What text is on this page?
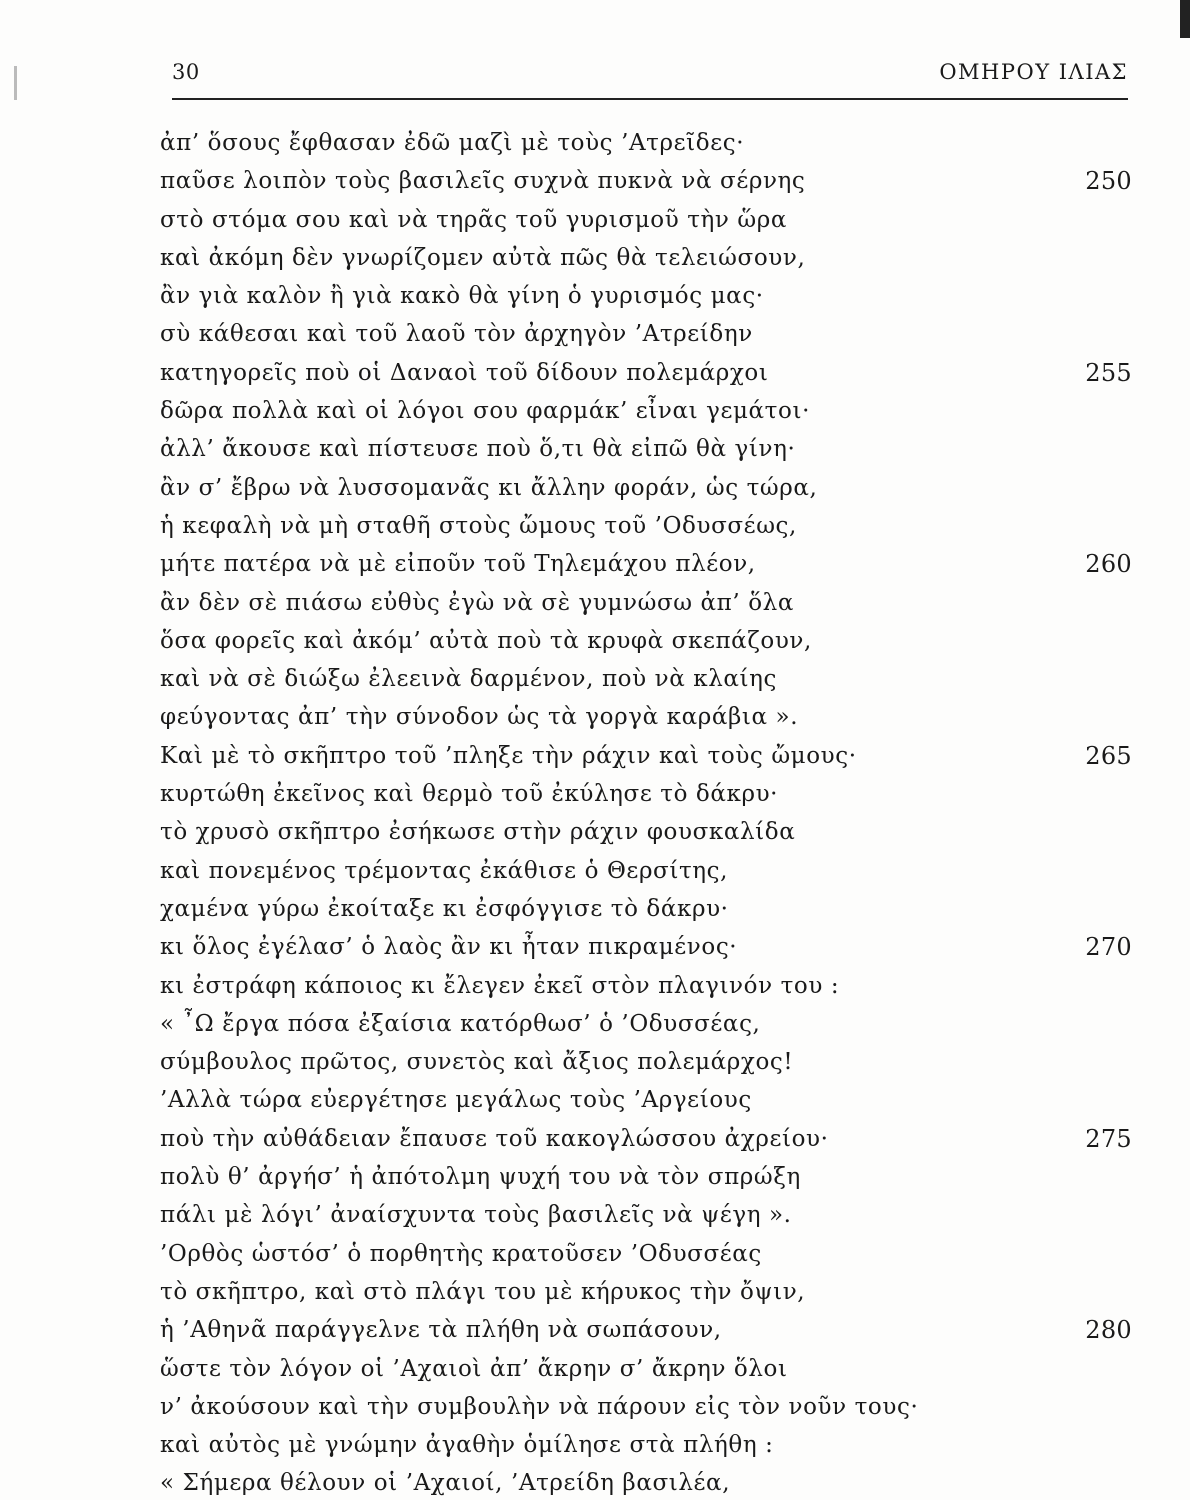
30	ΟΜΗΡΟΥ ΙΛΙΑΣ
ἀπ’ ὅσους ἔφθασαν ἐδῶ μαζὶ μὲ τοὺς ’Ατρεῖδες·
παῦσε λοιπὸν τοὺς βασιλεῖς συχνὰ πυκνὰ νὰ σέρνης	250
στὸ στόμα σου καὶ νὰ τηρᾶς τοῦ γυρισμοῦ τὴν ὥρα
καὶ ἀκόμη δὲν γνωρίζομεν αὐτὰ πῶς θὰ τελειώσουν,
ἂν γιὰ καλὸν ἢ γιὰ κακὸ θὰ γίνη ὁ γυρισμός μας·
σὺ κάθεσαι καὶ τοῦ λαοῦ τὸν ἀρχηγὸν ’Ατρείδην
κατηγορεῖς ποὺ οἱ Δαναοὶ τοῦ δίδουν πολεμάρχοι	255
δῶρα πολλὰ καὶ οἱ λόγοι σου φαρμάκ’ εἶναι γεμάτοι·
ἀλλ’ ἄκουσε καὶ πίστευσε ποὺ ὅ,τι θὰ εἰπῶ θὰ γίνη·
ἂν σ’ ἔβρω νὰ λυσσομανᾶς κι ἄλλην φοράν, ὡς τώρα,
ἡ κεφαλὴ νὰ μὴ σταθῆ στοὺς ὤμους τοῦ ’Οδυσσέως,
μήτε πατέρα νὰ μὲ εἰποῦν τοῦ Τηλεμάχου πλέον,	260
ἂν δὲν σὲ πιάσω εὐθὺς ἐγὼ νὰ σὲ γυμνώσω ἀπ’ ὅλα
ὅσα φορεῖς καὶ ἀκόμ’ αὐτὰ ποὺ τὰ κρυφὰ σκεπάζουν,
καὶ νὰ σὲ διώξω ἐλεεινὰ δαρμένον, ποὺ νὰ κλαίης
φεύγοντας ἀπ’ τὴν σύνοδον ὡς τὰ γοργὰ καράβια ».
Καὶ μὲ τὸ σκῆπτρο τοῦ ’πληξε τὴν ράχιν καὶ τοὺς ὤμους·	265
κυρτώθη ἐκεῖνος καὶ θερμὸ τοῦ ἐκύλησε τὸ δάκρυ·
τὸ χρυσὸ σκῆπτρο ἐσήκωσε στὴν ράχιν φουσκαλίδα
καὶ πονεμένος τρέμοντας ἐκάθισε ὁ Θερσίτης,
χαμένα γύρω ἐκοίταξε κι ἐσφόγγισε τὸ δάκρυ·
κι ὅλος ἐγέλασ’ ὁ λαὸς ἂν κι ἦταν πικραμένος·	270
κι ἐστράφη κάποιος κι ἔλεγεν ἐκεῖ στὸν πλαγινόν του :
« ῏Ω ἔργα πόσα ἐξαίσια κατόρθωσ’ ὁ ’Οδυσσέας,
σύμβουλος πρῶτος, συνετὸς καὶ ἄξιος πολεμάρχος!
’Αλλὰ τώρα εὐεργέτησε μεγάλως τοὺς ’Αργείους
ποὺ τὴν αὐθάδειαν ἔπαυσε τοῦ κακογλώσσου ἀχρείου·	275
πολὺ θ’ ἀργήσ’ ἡ ἀπότολμη ψυχή του νὰ τὸν σπρώξη
πάλι μὲ λόγι’ ἀναίσχυντα τοὺς βασιλεῖς νὰ ψέγη ».
’Ορθὸς ὡστόσ’ ὁ πορθητὴς κρατοῦσεν ’Οδυσσέας
τὸ σκῆπτρο, καὶ στὸ πλάγι του μὲ κήρυκος τὴν ὄψιν,
ἡ ’Αθηνᾶ παράγγελνε τὰ πλήθη νὰ σωπάσουν,	280
ὥστε τὸν λόγον οἱ ’Αχαιοὶ ἀπ’ ἄκρην σ’ ἄκρην ὅλοι
ν’ ἀκούσουν καὶ τὴν συμβουλὴν νὰ πάρουν εἰς τὸν νοῦν τους·
καὶ αὐτὸς μὲ γνώμην ἀγαθὴν ὁμίλησε στὰ πλήθη :
« Σήμερα θέλουν οἱ ’Αχαιοί, ’Ατρείδη βασιλέα,
